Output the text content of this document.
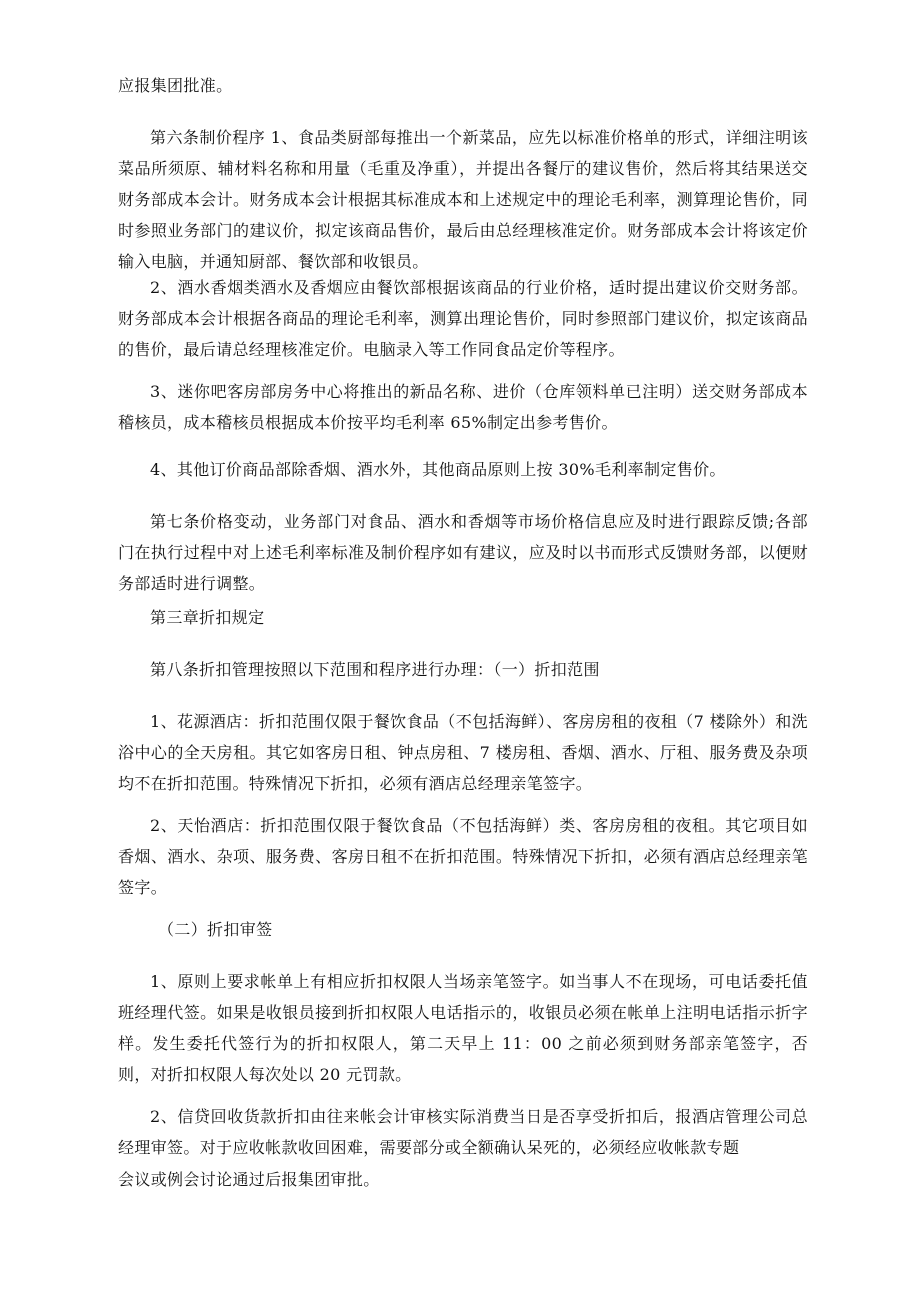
应报集团批准。

第六条制价程序 1、食品类厨部每推出一个新菜品，应先以标准价格单的形式，详细注明该菜品所须原、辅材料名称和用量（毛重及净重），并提出各餐厅的建议售价，然后将其结果送交财务部成本会计。财务成本会计根据其标准成本和上述规定中的理论毛利率，测算理论售价，同时参照业务部门的建议价，拟定该商品售价，最后由总经理核准定价。财务部成本会计将该定价输入电脑，并通知厨部、餐饮部和收银员。

2、酒水香烟类酒水及香烟应由餐饮部根据该商品的行业价格，适时提出建议价交财务部。财务部成本会计根据各商品的理论毛利率，测算出理论售价，同时参照部门建议价，拟定该商品的售价，最后请总经理核准定价。电脑录入等工作同食品定价等程序。

3、迷你吧客房部房务中心将推出的新品名称、进价（仓库领料单已注明）送交财务部成本稽核员，成本稽核员根据成本价按平均毛利率 65%制定出参考售价。

4、其他订价商品部除香烟、酒水外，其他商品原则上按 30%毛利率制定售价。

第七条价格变动，业务部门对食品、酒水和香烟等市场价格信息应及时进行跟踪反馈;各部门在执行过程中对上述毛利率标准及制价程序如有建议，应及时以书而形式反馈财务部，以便财务部适时进行调整。

第三章折扣规定

第八条折扣管理按照以下范围和程序进行办理：（一）折扣范围

1、花源酒店：折扣范围仅限于餐饮食品（不包括海鲜）、客房房租的夜租（7 楼除外）和洗浴中心的全天房租。其它如客房日租、钟点房租、7 楼房租、香烟、酒水、厅租、服务费及杂项均不在折扣范围。特殊情况下折扣，必须有酒店总经理亲笔签字。

2、天怡酒店：折扣范围仅限于餐饮食品（不包括海鲜）类、客房房租的夜租。其它项目如香烟、酒水、杂项、服务费、客房日租不在折扣范围。特殊情况下折扣，必须有酒店总经理亲笔签字。

（二）折扣审签

1、原则上要求帐单上有相应折扣权限人当场亲笔签字。如当事人不在现场，可电话委托值班经理代签。如果是收银员接到折扣权限人电话指示的，收银员必须在帐单上注明电话指示折字样。发生委托代签行为的折扣权限人，第二天早上 11：00 之前必须到财务部亲笔签字，否则，对折扣权限人每次处以 20 元罚款。

2、信贷回收货款折扣由往来帐会计审核实际消费当日是否享受折扣后，报酒店管理公司总经理审签。对于应收帐款收回困难，需要部分或全额确认呆死的，必须经应收帐款专题

会议或例会讨论通过后报集团审批。
